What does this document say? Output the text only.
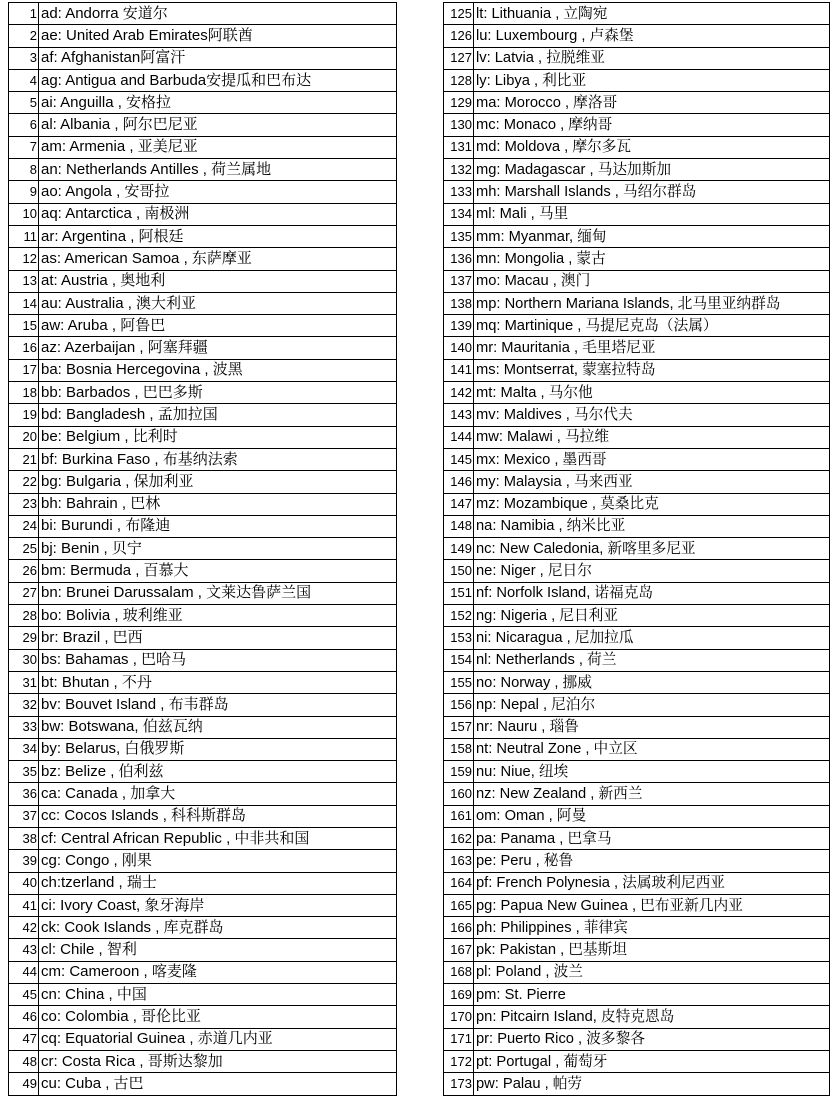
1	ad: Andorra 安道尔
2	ae: United Arab Emirates阿联酋
3	af: Afghanistan阿富汗
4	ag: Antigua and Barbuda安提瓜和巴布达
5	ai: Anguilla , 安格拉
6	al: Albania , 阿尔巴尼亚
7	am: Armenia , 亚美尼亚
8	an: Netherlands Antilles , 荷兰属地
9	ao: Angola , 安哥拉
10	aq: Antarctica , 南极洲
11	ar: Argentina , 阿根廷
12	as: American Samoa , 东萨摩亚
13	at: Austria , 奥地利
14	au: Australia , 澳大利亚
15	aw: Aruba , 阿鲁巴
16	az: Azerbaijan , 阿塞拜疆
17	ba: Bosnia Hercegovina , 波黑
18	bb: Barbados , 巴巴多斯
19	bd: Bangladesh , 孟加拉国
20	be: Belgium , 比利时
21	bf: Burkina Faso , 布基纳法索
22	bg: Bulgaria , 保加利亚
23	bh: Bahrain , 巴林
24	bi: Burundi , 布隆迪
25	bj: Benin , 贝宁
26	bm: Bermuda , 百慕大
27	bn: Brunei Darussalam , 文莱达鲁萨兰国
28	bo: Bolivia , 玻利维亚
29	br: Brazil , 巴西
30	bs: Bahamas , 巴哈马
31	bt: Bhutan , 不丹
32	bv: Bouvet Island , 布韦群岛
33	bw: Botswana, 伯兹瓦纳
34	by: Belarus, 白俄罗斯
35	bz: Belize , 伯利兹
36	ca: Canada , 加拿大
37	cc: Cocos Islands , 科科斯群岛
38	cf: Central African Republic , 中非共和国
39	cg: Congo , 刚果
40	ch:tzerland , 瑞士
41	ci: Ivory Coast, 象牙海岸
42	ck: Cook Islands , 库克群岛
43	cl: Chile , 智利
44	cm: Cameroon , 喀麦隆
45	cn: China , 中国
46	co: Colombia , 哥伦比亚
47	cq: Equatorial Guinea , 赤道几内亚
48	cr: Costa Rica , 哥斯达黎加
49	cu: Cuba , 古巴
125	lt: Lithuania , 立陶宛
126	lu: Luxembourg , 卢森堡
127	lv: Latvia , 拉脱维亚
128	ly: Libya , 利比亚
129	ma: Morocco , 摩洛哥
130	mc: Monaco , 摩纳哥
131	md: Moldova , 摩尔多瓦
132	mg: Madagascar , 马达加斯加
133	mh: Marshall Islands , 马绍尔群岛
134	ml: Mali , 马里
135	mm: Myanmar, 缅甸
136	mn: Mongolia , 蒙古
137	mo: Macau , 澳门
138	mp: Northern Mariana Islands, 北马里亚纳群岛
139	mq: Martinique , 马提尼克岛（法属）
140	mr: Mauritania , 毛里塔尼亚
141	ms: Montserrat, 蒙塞拉特岛
142	mt: Malta , 马尔他
143	mv: Maldives , 马尔代夫
144	mw: Malawi , 马拉维
145	mx: Mexico , 墨西哥
146	my: Malaysia , 马来西亚
147	mz: Mozambique , 莫桑比克
148	na: Namibia , 纳米比亚
149	nc: New Caledonia, 新喀里多尼亚
150	ne: Niger , 尼日尔
151	nf: Norfolk Island, 诺福克岛
152	ng: Nigeria , 尼日利亚
153	ni: Nicaragua , 尼加拉瓜
154	nl: Netherlands , 荷兰
155	no: Norway , 挪威
156	np: Nepal , 尼泊尔
157	nr: Nauru , 瑙鲁
158	nt: Neutral Zone , 中立区
159	nu: Niue, 纽埃
160	nz: New Zealand , 新西兰
161	om: Oman , 阿曼
162	pa: Panama , 巴拿马
163	pe: Peru , 秘鲁
164	pf: French Polynesia , 法属玻利尼西亚
165	pg: Papua New Guinea , 巴布亚新几内亚
166	ph: Philippines , 菲律宾
167	pk: Pakistan , 巴基斯坦
168	pl: Poland , 波兰
169	pm: St. Pierre
170	pn: Pitcairn Island, 皮特克恩岛
171	pr: Puerto Rico , 波多黎各
172	pt: Portugal , 葡萄牙
173	pw: Palau , 帕劳
